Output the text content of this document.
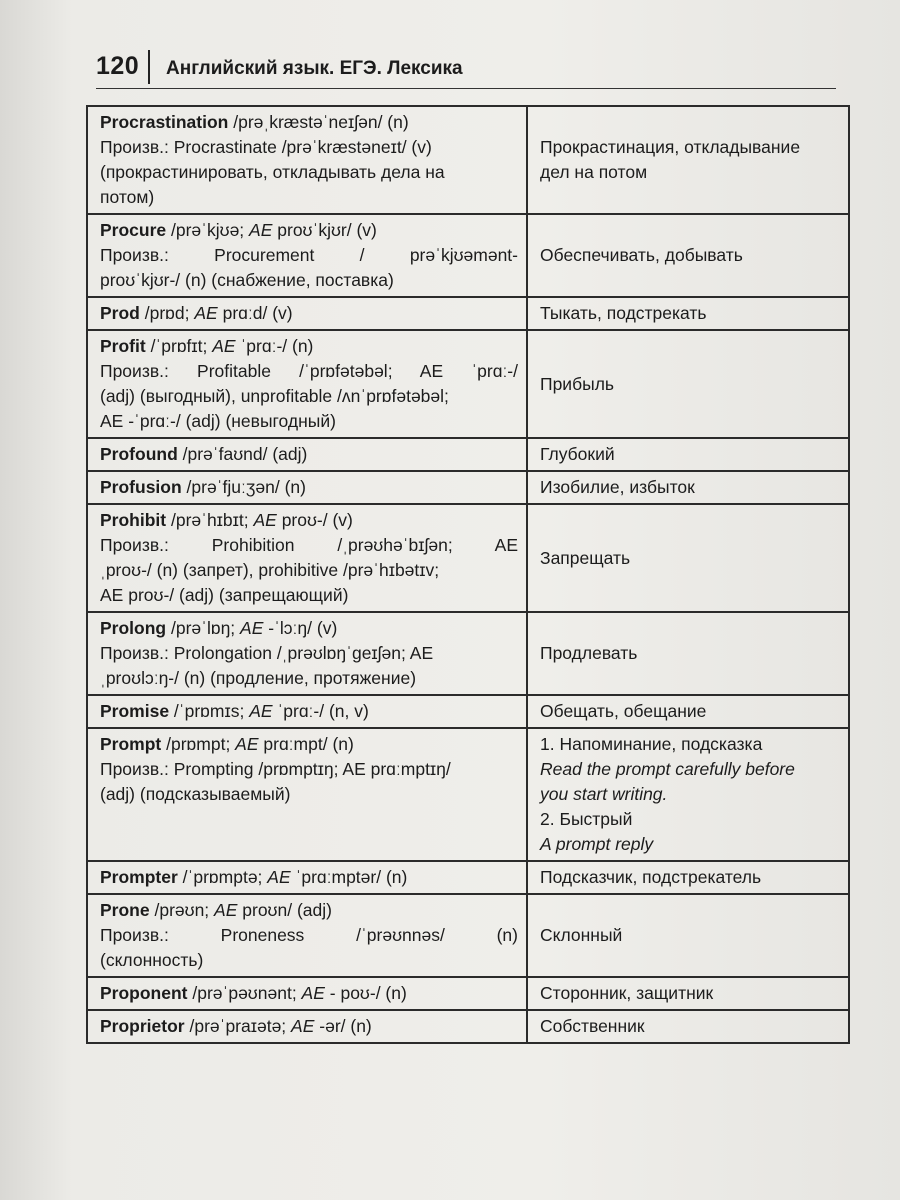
120 Английский язык. ЕГЭ. Лексика
Procrastination /prəˌkræstəˈneɪʃən/ (n)
Произв.: Procrastinate /prəˈkræstəneɪt/ (v)
(прокрастинировать, откладывать дела на
потом)	Прокрастинация, откладывание
дел на потом

Procure /prəˈkjʊə; AE proʊˈkjʊr/ (v)
Произв.: Procurement / prəˈkjʊəmənt-
proʊˈkjʊr-/ (n) (снабжение, поставка)	Обеспечивать, добывать

Prod /prɒd; AE prɑːd/ (v)	Тыкать, подстрекать

Profit /ˈprɒfɪt; AE ˈprɑː-/ (n)
Произв.: Profitable /ˈprɒfətəbəl; AE ˈprɑː-/
(adj) (выгодный), unprofitable /ʌnˈprɒfətəbəl;
AE -ˈprɑː-/ (adj) (невыгодный)	Прибыль

Profound /prəˈfaʊnd/ (adj)	Глубокий

Profusion /prəˈfjuːʒən/ (n)	Изобилие, избыток

Prohibit /prəˈhɪbɪt; AE proʊ-/ (v)
Произв.: Prohibition /ˌprəʊhəˈbɪʃən; AE
ˌproʊ-/ (n) (запрет), prohibitive /prəˈhɪbətɪv;
AE proʊ-/ (adj) (запрещающий)	Запрещать

Prolong /prəˈlɒŋ; AE -ˈlɔːŋ/ (v)
Произв.: Prolongation /ˌprəʊlɒŋˈɡeɪʃən; AE
ˌproʊlɔːŋ-/ (n) (продление, протяжение)	Продлевать

Promise /ˈprɒmɪs; AE ˈprɑː-/ (n, v)	Обещать, обещание

Prompt /prɒmpt; AE prɑːmpt/ (n)
Произв.: Prompting /prɒmptɪŋ; AE prɑːmptɪŋ/
(adj) (подсказываемый)	1. Напоминание, подсказка
Read the prompt carefully before
you start writing.
2. Быстрый
A prompt reply

Prompter /ˈprɒmptə; AE ˈprɑːmptər/ (n)	Подсказчик, подстрекатель

Prone /prəʊn; AE proʊn/ (adj)
Произв.: Proneness /ˈprəʊnnəs/ (n)
(склонность)	Склонный

Proponent /prəˈpəʊnənt; AE - poʊ-/ (n)	Сторонник, защитник

Proprietor /prəˈpraɪətə; AE -ər/ (n)	Собственник
